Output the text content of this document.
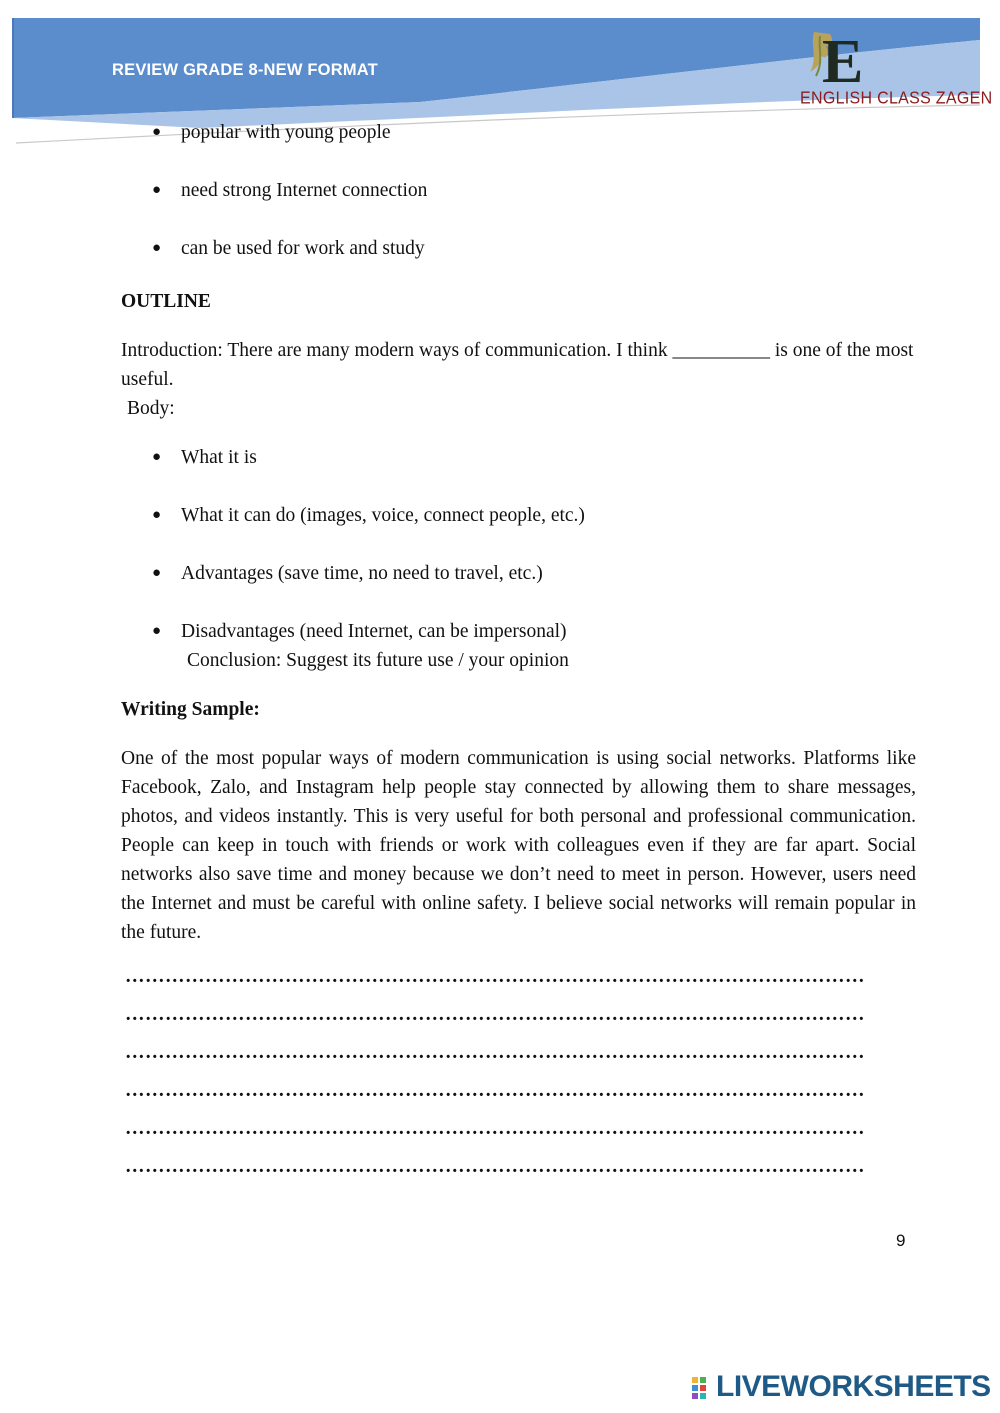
REVIEW GRADE 8-NEW FORMAT	E
ENGLISH CLASS ZAGEN
● popular with young people
● need strong Internet connection
● can be used for work and study
OUTLINE

Introduction: There are many modern ways of communication. I think __________ is one of the most useful.

Body:

● What it is
● What it can do (images, voice, connect people, etc.)
● Advantages (save time, no need to travel, etc.)
● Disadvantages (need Internet, can be impersonal)
Conclusion: Suggest its future use / your opinion
Writing Sample:

One of the most popular ways of modern communication is using social networks. Platforms like Facebook, Zalo, and Instagram help people stay connected by allowing them to share messages, photos, and videos instantly. This is very useful for both personal and professional communication. People can keep in touch with friends or work with colleagues even if they are far apart. Social networks also save time and money because we don’t need to meet in person. However, users need the Internet and must be careful with online safety. I believe social networks will remain popular in the future.

…………………………………………………………………………………………………
…………………………………………………………………………………………………
…………………………………………………………………………………………………
…………………………………………………………………………………………………
…………………………………………………………………………………………………
…………………………………………………………………………………………………
9
LIVEWORKSHEETS
